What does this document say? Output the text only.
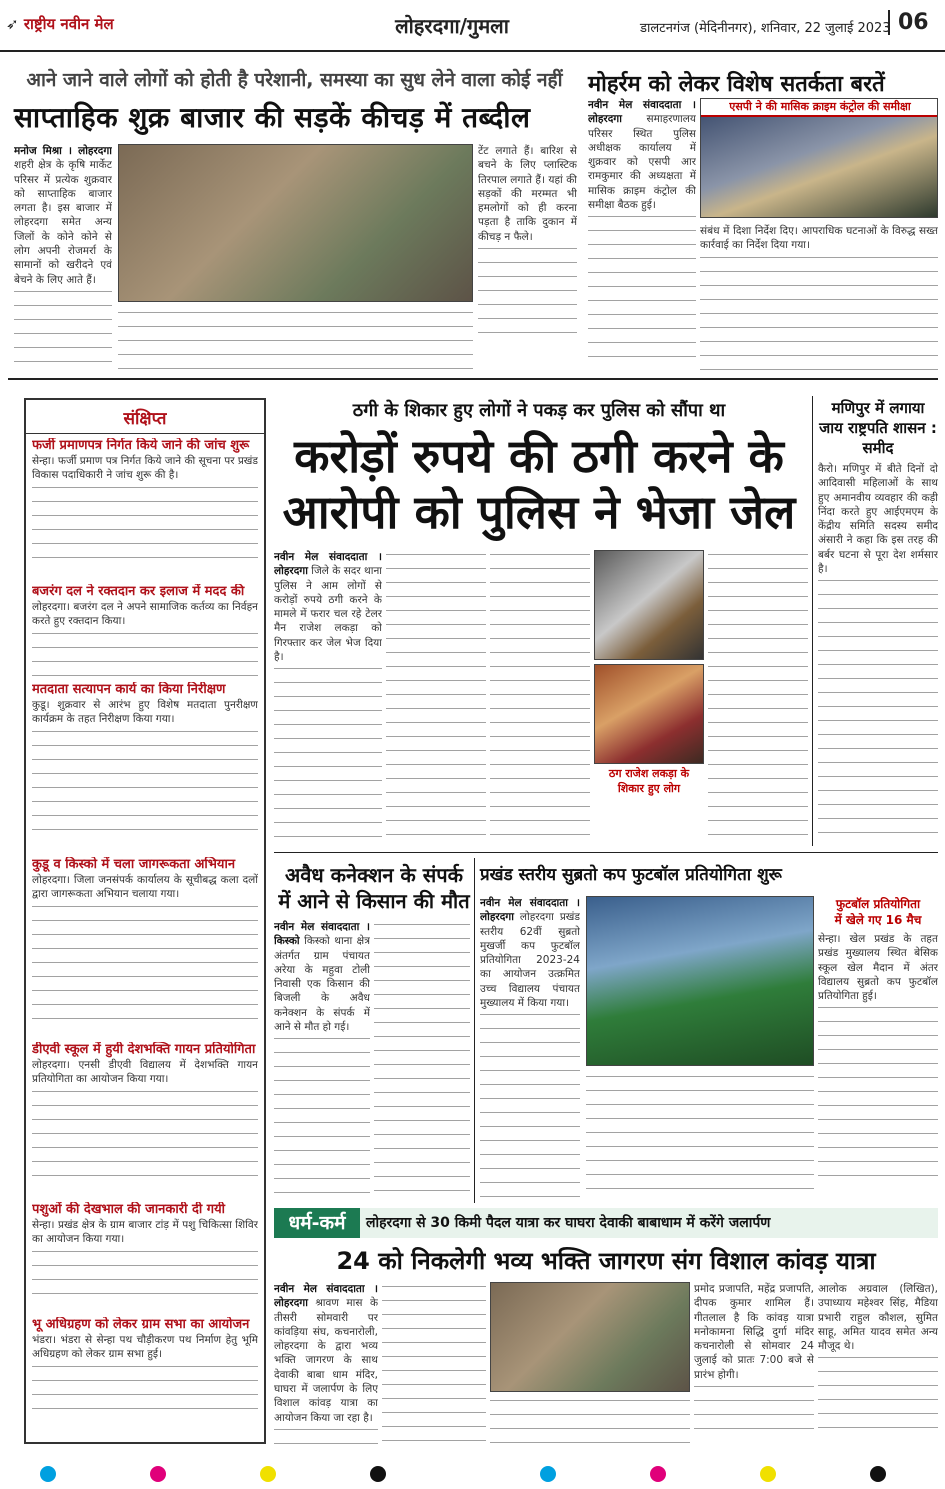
➶ राष्ट्रीय नवीन मेल	लोहरदगा/गुमला	डालटनगंज (मेदिनीनगर), शनिवार, 22 जुलाई 2023 06
आने जाने वाले लोगों को होती है परेशानी, समस्या का सुध लेने वाला कोई नहीं
साप्ताहिक शुक्र बाजार की सड़कें कीचड़ में तब्दील
मनोज मिश्रा । लोहरदगा शहरी क्षेत्र के कृषि मार्केट परिसर में प्रत्येक शुक्रवार को साप्ताहिक बाजार लगता है। इस बाजार में लोहरदगा समेत अन्य जिलों के कोने कोने से लोग अपनी रोजमर्रा के सामानों को खरीदने एवं बेचने के लिए आते हैं।
टेंट लगाते हैं। बारिश से बचने के लिए प्लास्टिक तिरपाल लगाते हैं। यहां की सड़कों की मरम्मत भी हमलोगों को ही करना पड़ता है ताकि दुकान में कीचड़ न फैले।
मोहर्रम को लेकर विशेष सतर्कता बरतें
नवीन मेल संवाददाता । लोहरदगा समाहरणालय परिसर स्थित पुलिस अधीक्षक कार्यालय में शुक्रवार को एसपी आर रामकुमार की अध्यक्षता में मासिक क्राइम कंट्रोल की समीक्षा बैठक हुई।
एसपी ने की मासिक क्राइम कंट्रोल की समीक्षा
संबंध में दिशा निर्देश दिए। आपराधिक घटनाओं के विरुद्ध सख्त कार्रवाई का निर्देश दिया गया।
संक्षिप्त
फर्जी प्रमाणपत्र निर्गत किये जाने की जांच शुरू
सेन्हा। फर्जी प्रमाण पत्र निर्गत किये जाने की सूचना पर प्रखंड विकास पदाधिकारी ने जांच शुरू की है।
बजरंग दल ने रक्तदान कर इलाज में मदद की
लोहरदगा। बजरंग दल ने अपने सामाजिक कर्तव्य का निर्वहन करते हुए रक्तदान किया।
मतदाता सत्यापन कार्य का किया निरीक्षण
कुडू। शुक्रवार से आरंभ हुए विशेष मतदाता पुनरीक्षण कार्यक्रम के तहत निरीक्षण किया गया।
कुडू व किस्को में चला जागरूकता अभियान
लोहरदगा। जिला जनसंपर्क कार्यालय के सूचीबद्ध कला दलों द्वारा जागरूकता अभियान चलाया गया।
डीएवी स्कूल में हुयी देशभक्ति गायन प्रतियोगिता
लोहरदगा। एनसी डीएवी विद्यालय में देशभक्ति गायन प्रतियोगिता का आयोजन किया गया।
पशुओं की देखभाल की जानकारी दी गयी
सेन्हा। प्रखंड क्षेत्र के ग्राम बाजार टांड़ में पशु चिकित्सा शिविर का आयोजन किया गया।
भू अधिग्रहण को लेकर ग्राम सभा का आयोजन
भंडरा। भंडरा से सेन्हा पथ चौड़ीकरण पथ निर्माण हेतु भूमि अधिग्रहण को लेकर ग्राम सभा हुई।
ठगी के शिकार हुए लोगों ने पकड़ कर पुलिस को सौंपा था
करोड़ों रुपये की ठगी करने के
आरोपी को पुलिस ने भेजा जेल
नवीन मेल संवाददाता । लोहरदगा जिले के सदर थाना पुलिस ने आम लोगों से करोड़ों रुपये ठगी करने के मामले में फरार चल रहे टेलर मैन राजेश लकड़ा को गिरफ्तार कर जेल भेज दिया है।
ठग राजेश लकड़ा के
शिकार हुए लोग
मणिपुर में लगाया जाय राष्ट्रपति शासन : समीद
कैरो। मणिपुर में बीते दिनों दो आदिवासी महिलाओं के साथ हुए अमानवीय व्यवहार की कड़ी निंदा करते हुए आईएमएम के केंद्रीय समिति सदस्य समीद अंसारी ने कहा कि इस तरह की बर्बर घटना से पूरा देश शर्मसार है।
अवैध कनेक्शन के संपर्क
में आने से किसान की मौत
नवीन मेल संवाददाता । किस्को किस्को थाना क्षेत्र अंतर्गत ग्राम पंचायत अरेया के महुवा टोली निवासी एक किसान की बिजली के अवैध कनेक्शन के संपर्क में आने से मौत हो गई।
प्रखंड स्तरीय सुब्रतो कप फुटबॉल प्रतियोगिता शुरू
नवीन मेल संवाददाता । लोहरदगा लोहरदगा प्रखंड स्तरीय 62वीं सुब्रतो मुखर्जी कप फुटबॉल प्रतियोगिता 2023-24 का आयोजन उत्क्रमित उच्च विद्यालय पंचायत मुख्यालय में किया गया।
फुटबॉल प्रतियोगिता
में खेले गए 16 मैच
सेन्हा। खेल प्रखंड के तहत प्रखंड मुख्यालय स्थित बेसिक स्कूल खेल मैदान में अंतर विद्यालय सुब्रतो कप फुटबॉल प्रतियोगिता हुई।
धर्म-कर्म	लोहरदगा से 30 किमी पैदल यात्रा कर घाघरा देवाकी बाबाधाम में करेंगे जलार्पण
24 को निकलेगी भव्य भक्ति जागरण संग विशाल कांवड़ यात्रा
नवीन मेल संवाददाता । लोहरदगा श्रावण मास के तीसरी सोमवारी पर कांवड़िया संघ, कचनारोली, लोहरदगा के द्वारा भव्य भक्ति जागरण के साथ देवाकी बाबा धाम मंदिर, घाघरा में जलार्पण के लिए विशाल कांवड़ यात्रा का आयोजन किया जा रहा है।
प्रमोद प्रजापति, महेंद्र प्रजापति, दीपक कुमार शामिल हैं। गीतलाल है कि कांवड़ यात्रा मनोकामना सिद्धि दुर्गा मंदिर कचनारोली से सोमवार 24 जुलाई को प्रातः 7:00 बजे से प्रारंभ होगी।
आलोक अग्रवाल (लिखित), उपाध्याय महेश्वर सिंह, मैडिया प्रभारी राहुल कौशल, सुमित साहू, अमित यादव समेत अन्य मौजूद थे।
